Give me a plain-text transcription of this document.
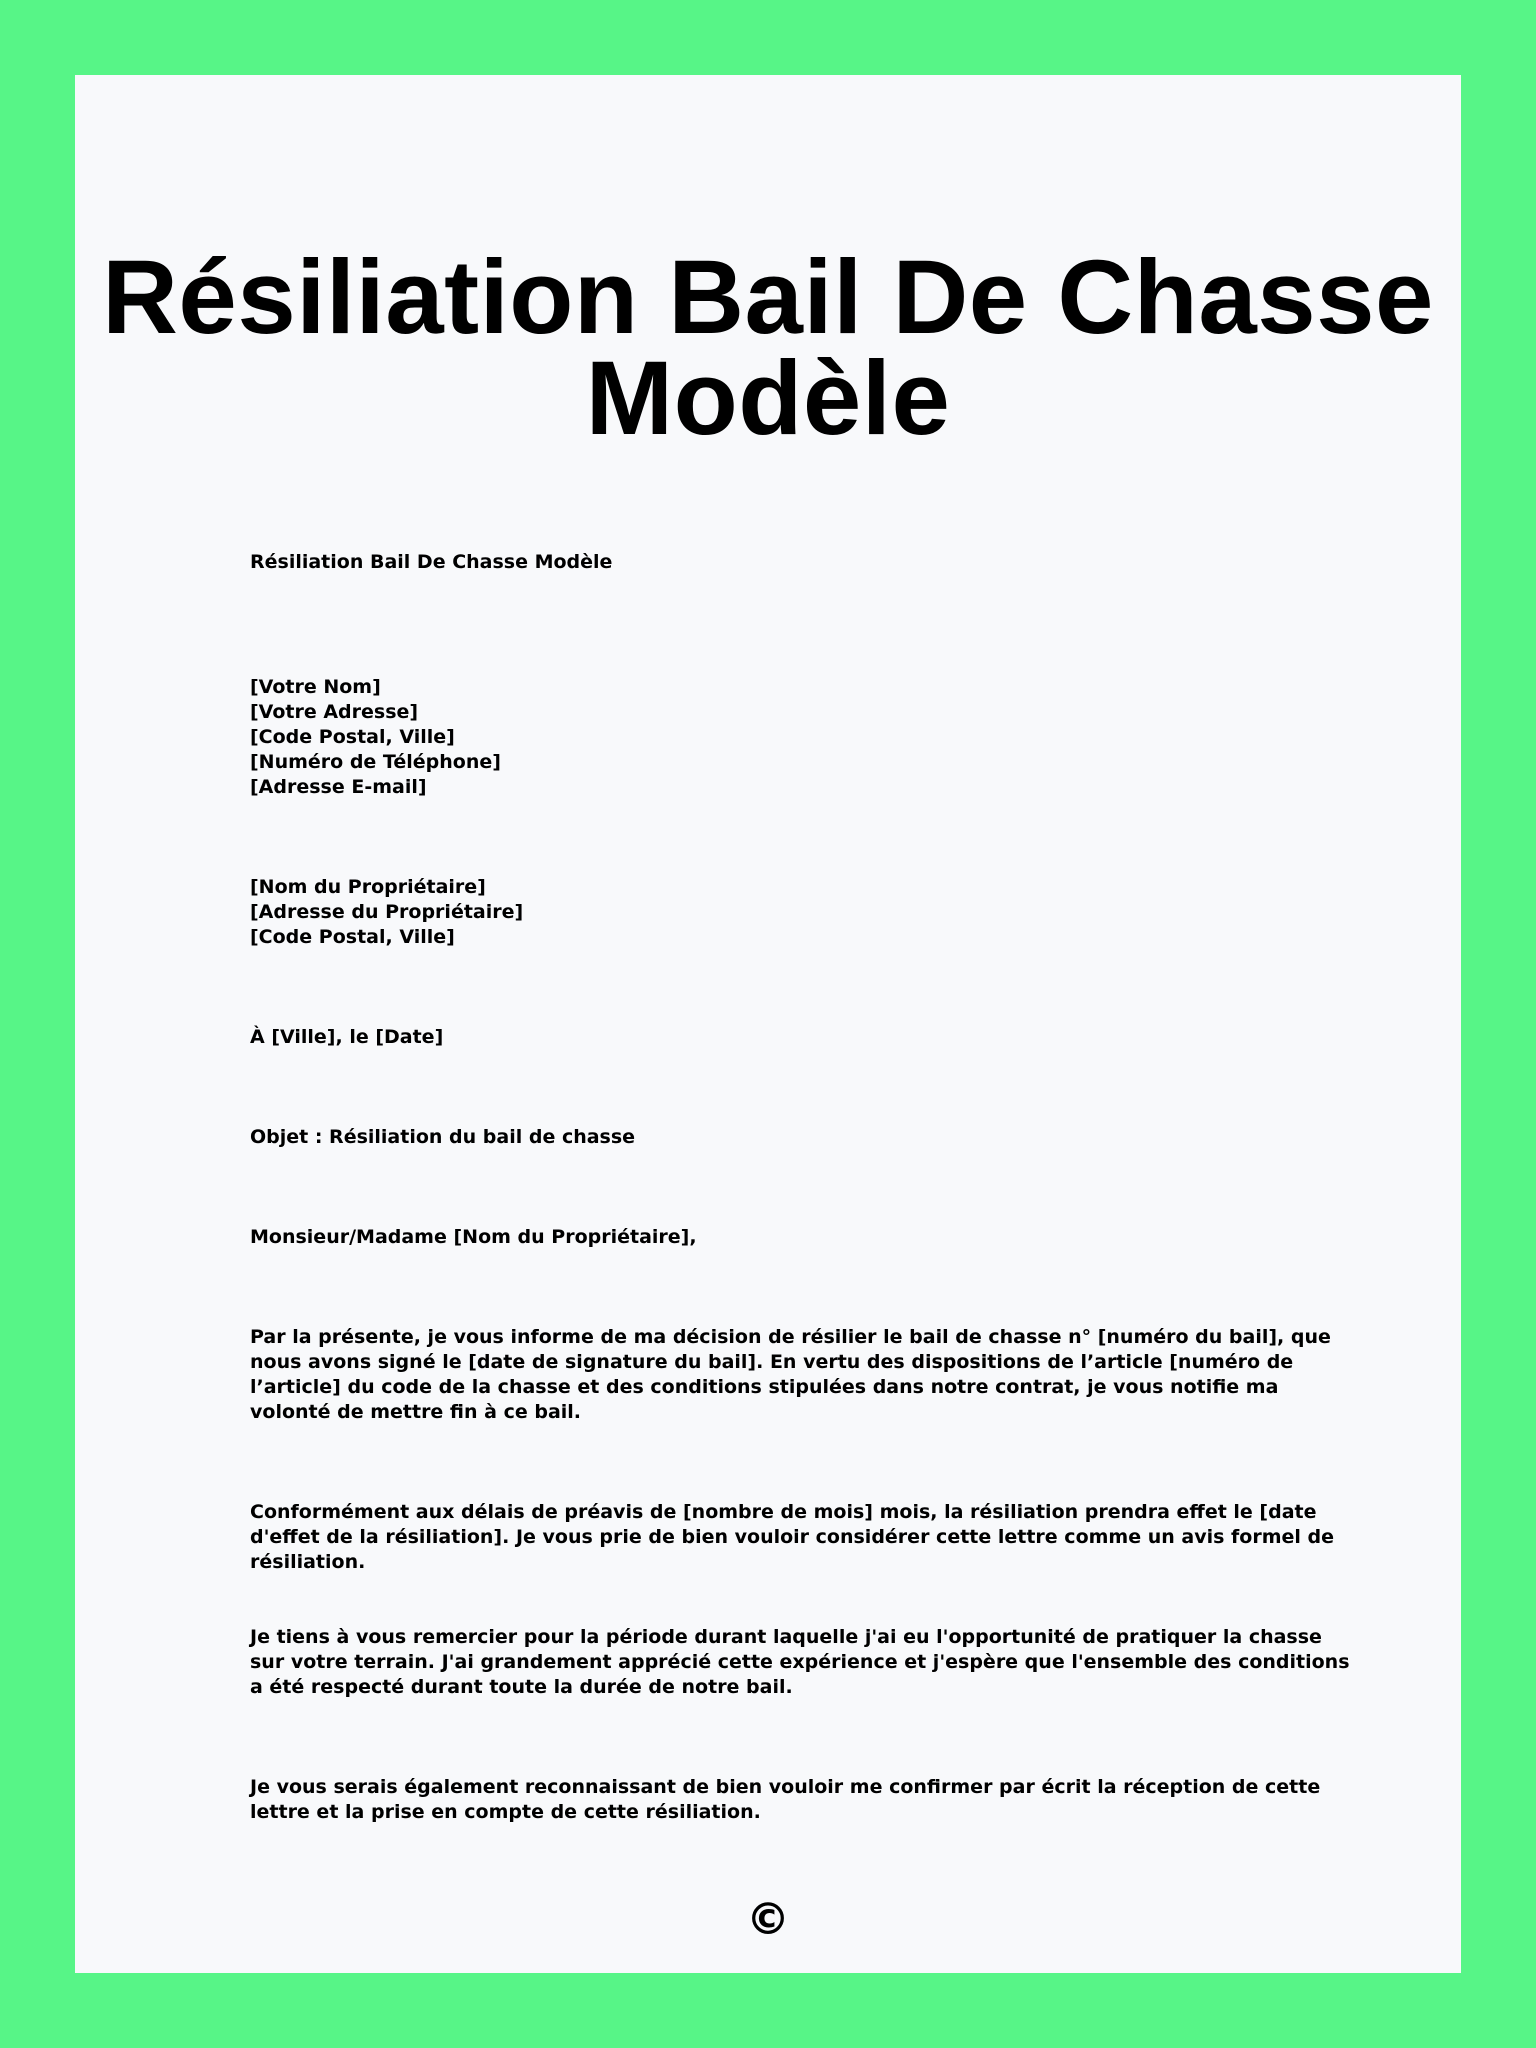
Résiliation Bail De Chasse Modèle
Résiliation Bail De Chasse Modèle
[Votre Nom]
[Votre Adresse]
[Code Postal, Ville]
[Numéro de Téléphone]
[Adresse E-mail]
[Nom du Propriétaire]
[Adresse du Propriétaire]
[Code Postal, Ville]
À [Ville], le [Date]
Objet : Résiliation du bail de chasse
Monsieur/Madame [Nom du Propriétaire],
Par la présente, je vous informe de ma décision de résilier le bail de chasse n° [numéro du bail], que nous avons signé le [date de signature du bail]. En vertu des dispositions de l’article [numéro de l’article] du code de la chasse et des conditions stipulées dans notre contrat, je vous notifie ma volonté de mettre fin à ce bail.
Conformément aux délais de préavis de [nombre de mois] mois, la résiliation prendra effet le [date d'effet de la résiliation]. Je vous prie de bien vouloir considérer cette lettre comme un avis formel de résiliation.
Je tiens à vous remercier pour la période durant laquelle j'ai eu l'opportunité de pratiquer la chasse sur votre terrain. J'ai grandement apprécié cette expérience et j'espère que l'ensemble des conditions a été respecté durant toute la durée de notre bail.
Je vous serais également reconnaissant de bien vouloir me confirmer par écrit la réception de cette lettre et la prise en compte de cette résiliation.
©
